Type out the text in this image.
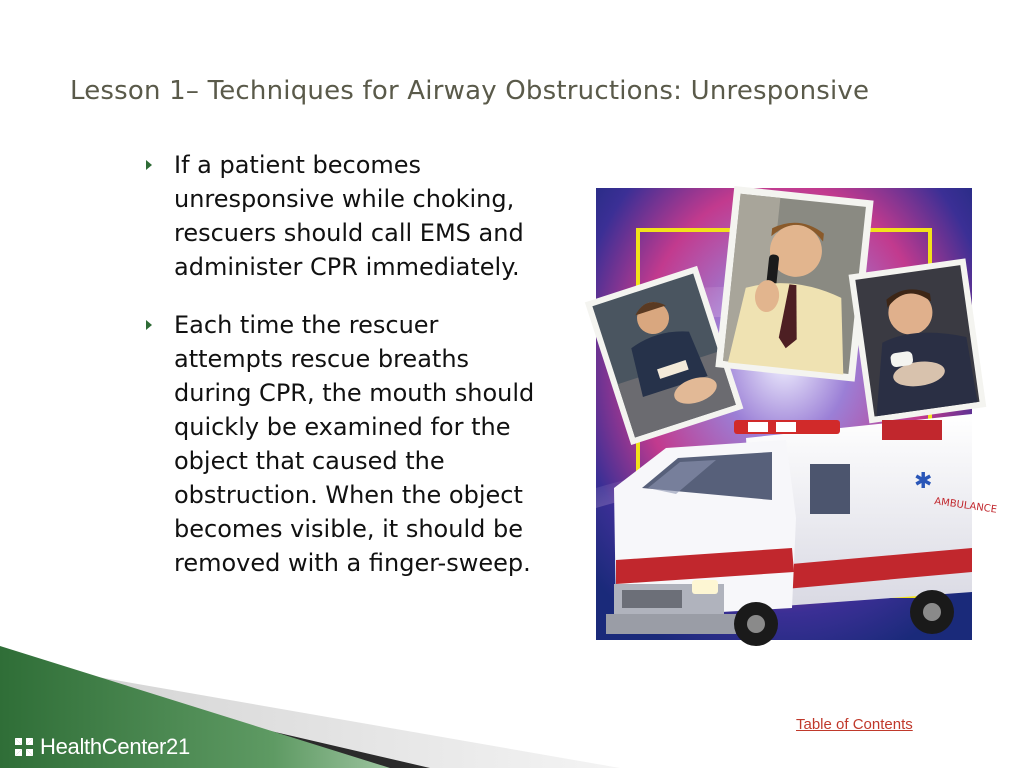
Lesson 1– Techniques for Airway Obstructions: Unresponsive
If a patient becomes unresponsive while choking, rescuers should call EMS and administer CPR immediately.
Each time the rescuer attempts rescue breaths during CPR, the mouth should quickly be examined for the object that caused the obstruction. When the object becomes visible, it should be removed with a finger-sweep.
✱
AMBULANCE
Table of Contents
HealthCenter21
